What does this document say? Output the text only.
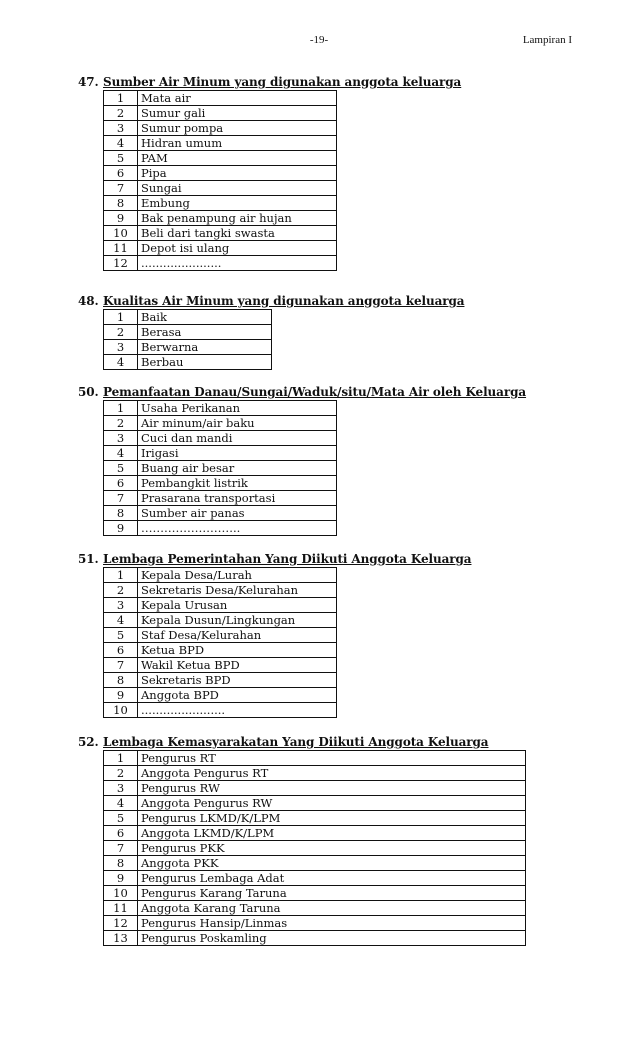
-19-	Lampiran I
47. Sumber Air Minum yang digunakan anggota keluarga
1	Mata air
2	Sumur gali
3	Sumur pompa
4	Hidran umum
5	PAM
6	Pipa
7	Sungai
8	Embung
9	Bak penampung air hujan
10	Beli dari tangki swasta
11	Depot isi ulang
12	......................
48. Kualitas Air Minum yang digunakan anggota keluarga
1	Baik
2	Berasa
3	Berwarna
4	Berbau
50. Pemanfaatan Danau/Sungai/Waduk/situ/Mata Air oleh Keluarga
1	Usaha Perikanan
2	Air minum/air baku
3	Cuci dan mandi
4	Irigasi
5	Buang air besar
6	Pembangkit listrik
7	Prasarana transportasi
8	Sumber air panas
9	……………………..
51. Lembaga Pemerintahan Yang Diikuti Anggota Keluarga
1	Kepala Desa/Lurah
2	Sekretaris Desa/Kelurahan
3	Kepala Urusan
4	Kepala Dusun/Lingkungan
5	Staf Desa/Kelurahan
6	Ketua BPD
7	Wakil Ketua BPD
8	Sekretaris BPD
9	Anggota BPD
10	.......................
52. Lembaga Kemasyarakatan Yang Diikuti Anggota Keluarga
1	Pengurus RT
2	Anggota Pengurus RT
3	Pengurus RW
4	Anggota Pengurus RW
5	Pengurus LKMD/K/LPM
6	Anggota LKMD/K/LPM
7	Pengurus PKK
8	Anggota PKK
9	Pengurus Lembaga Adat
10	Pengurus Karang Taruna
11	Anggota Karang Taruna
12	Pengurus Hansip/Linmas
13	Pengurus Poskamling
